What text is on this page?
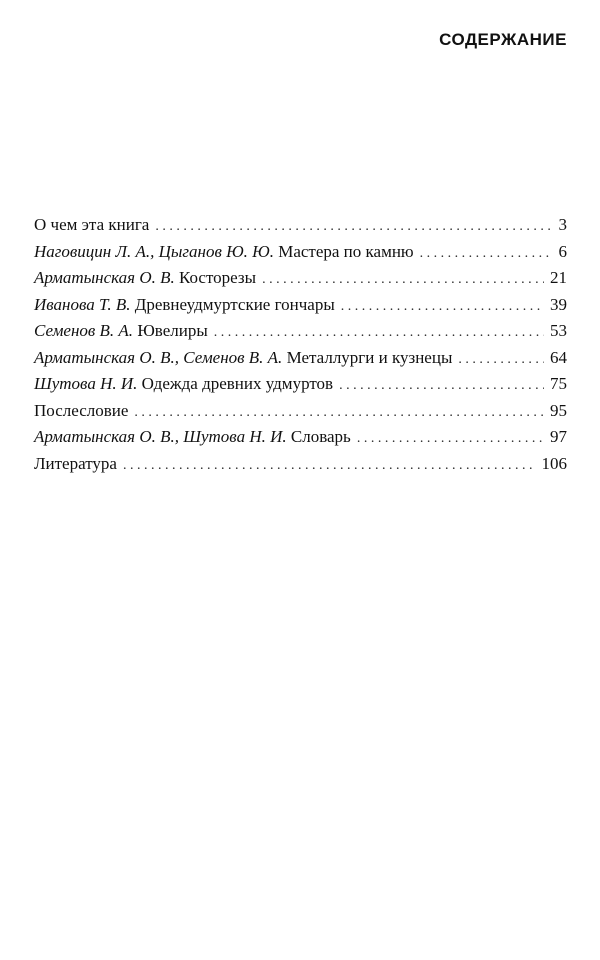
СОДЕРЖАНИЕ
О чем эта книга . . .	3
Наговицин Л. А., Цыганов Ю. Ю. Мастера по камню . . .	6
Арматынская О. В. Косторезы . . .	21
Иванова Т. В. Древнеудмуртские гончары . . .	39
Семенов В. А. Ювелиры . . .	53
Арматынская О. В., Семенов В. А. Металлурги и кузнецы . . .	64
Шутова Н. И. Одежда древних удмуртов . . .	75
Послесловие . . .	95
Арматынская О. В., Шутова Н. И. Словарь . . .	97
Литература . . .	106
